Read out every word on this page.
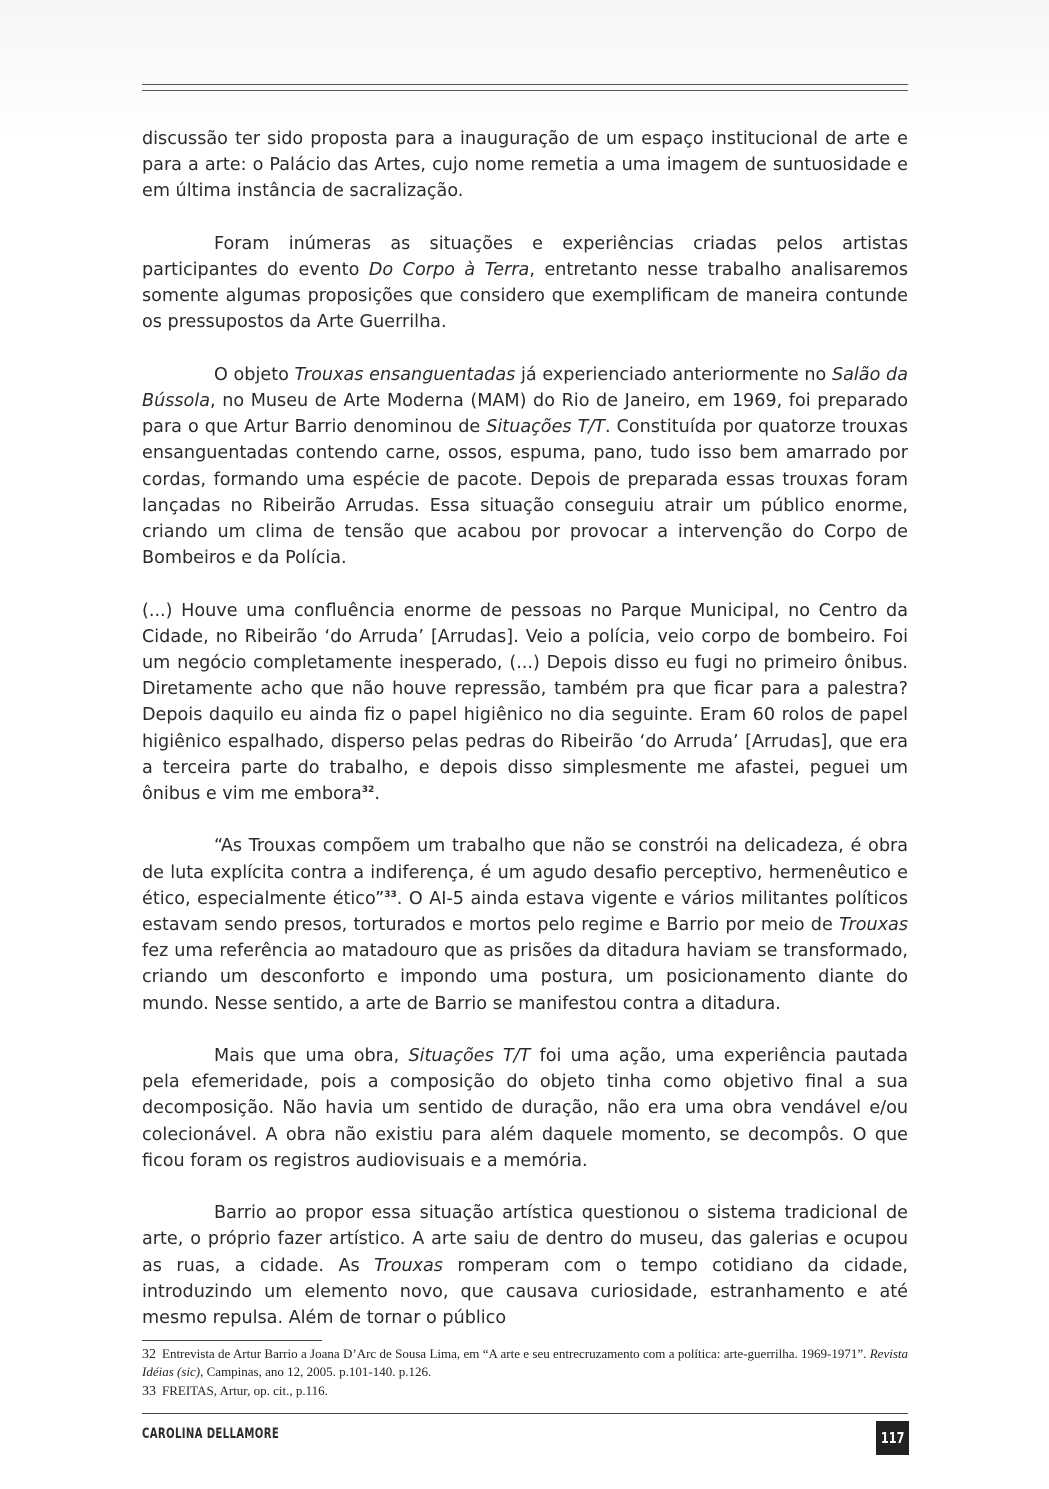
discussão ter sido proposta para a inauguração de um espaço institucional de arte e para a arte: o Palácio das Artes, cujo nome remetia a uma imagem de suntuosidade e em última instância de sacralização.

Foram inúmeras as situações e experiências criadas pelos artistas participantes do evento Do Corpo à Terra, entretanto nesse trabalho analisaremos somente algumas proposições que considero que exemplificam de maneira contunde os pressupostos da Arte Guerrilha.

O objeto Trouxas ensanguentadas já experienciado anteriormente no Salão da Bússola, no Museu de Arte Moderna (MAM) do Rio de Janeiro, em 1969, foi preparado para o que Artur Barrio denominou de Situações T/T. Constituída por quatorze trouxas ensanguentadas contendo carne, ossos, espuma, pano, tudo isso bem amarrado por cordas, formando uma espécie de pacote. Depois de preparada essas trouxas foram lançadas no Ribeirão Arrudas. Essa situação conseguiu atrair um público enorme, criando um clima de tensão que acabou por provocar a intervenção do Corpo de Bombeiros e da Polícia.

(...) Houve uma confluência enorme de pessoas no Parque Municipal, no Centro da Cidade, no Ribeirão ‘do Arruda’ [Arrudas]. Veio a polícia, veio corpo de bombeiro. Foi um negócio completamente inesperado, (...) Depois disso eu fugi no primeiro ônibus. Diretamente acho que não houve repressão, também pra que ficar para a palestra? Depois daquilo eu ainda fiz o papel higiênico no dia seguinte. Eram 60 rolos de papel higiênico espalhado, disperso pelas pedras do Ribeirão ‘do Arruda’ [Arrudas], que era a terceira parte do trabalho, e depois disso simplesmente me afastei, peguei um ônibus e vim me embora$^{32}$.

“As Trouxas compõem um trabalho que não se constrói na delicadeza, é obra de luta explícita contra a indiferença, é um agudo desafio perceptivo, hermenêutico e ético, especialmente ético”$^{33}$. O AI-5 ainda estava vigente e vários militantes políticos estavam sendo presos, torturados e mortos pelo regime e Barrio por meio de Trouxas fez uma referência ao matadouro que as prisões da ditadura haviam se transformado, criando um desconforto e impondo uma postura, um posicionamento diante do mundo. Nesse sentido, a arte de Barrio se manifestou contra a ditadura.

Mais que uma obra, Situações T/T foi uma ação, uma experiência pautada pela efemeridade, pois a composição do objeto tinha como objetivo final a sua decomposição. Não havia um sentido de duração, não era uma obra vendável e/ou colecionável. A obra não existiu para além daquele momento, se decompôs. O que ficou foram os registros audiovisuais e a memória.

Barrio ao propor essa situação artística questionou o sistema tradicional de arte, o próprio fazer artístico. A arte saiu de dentro do museu, das galerias e ocupou as ruas, a cidade. As Trouxas romperam com o tempo cotidiano da cidade, introduzindo um elemento novo, que causava curiosidade, estranhamento e até mesmo repulsa. Além de tornar o público

32 Entrevista de Artur Barrio a Joana D’Arc de Sousa Lima, em “A arte e seu entrecruzamento com a política: arte-guerrilha. 1969-1971”. Revista Idéias (sic), Campinas, ano 12, 2005. p.101-140. p.126.

33 FREITAS, Artur, op. cit., p.116.

CAROLINA DELLAMORE	117
